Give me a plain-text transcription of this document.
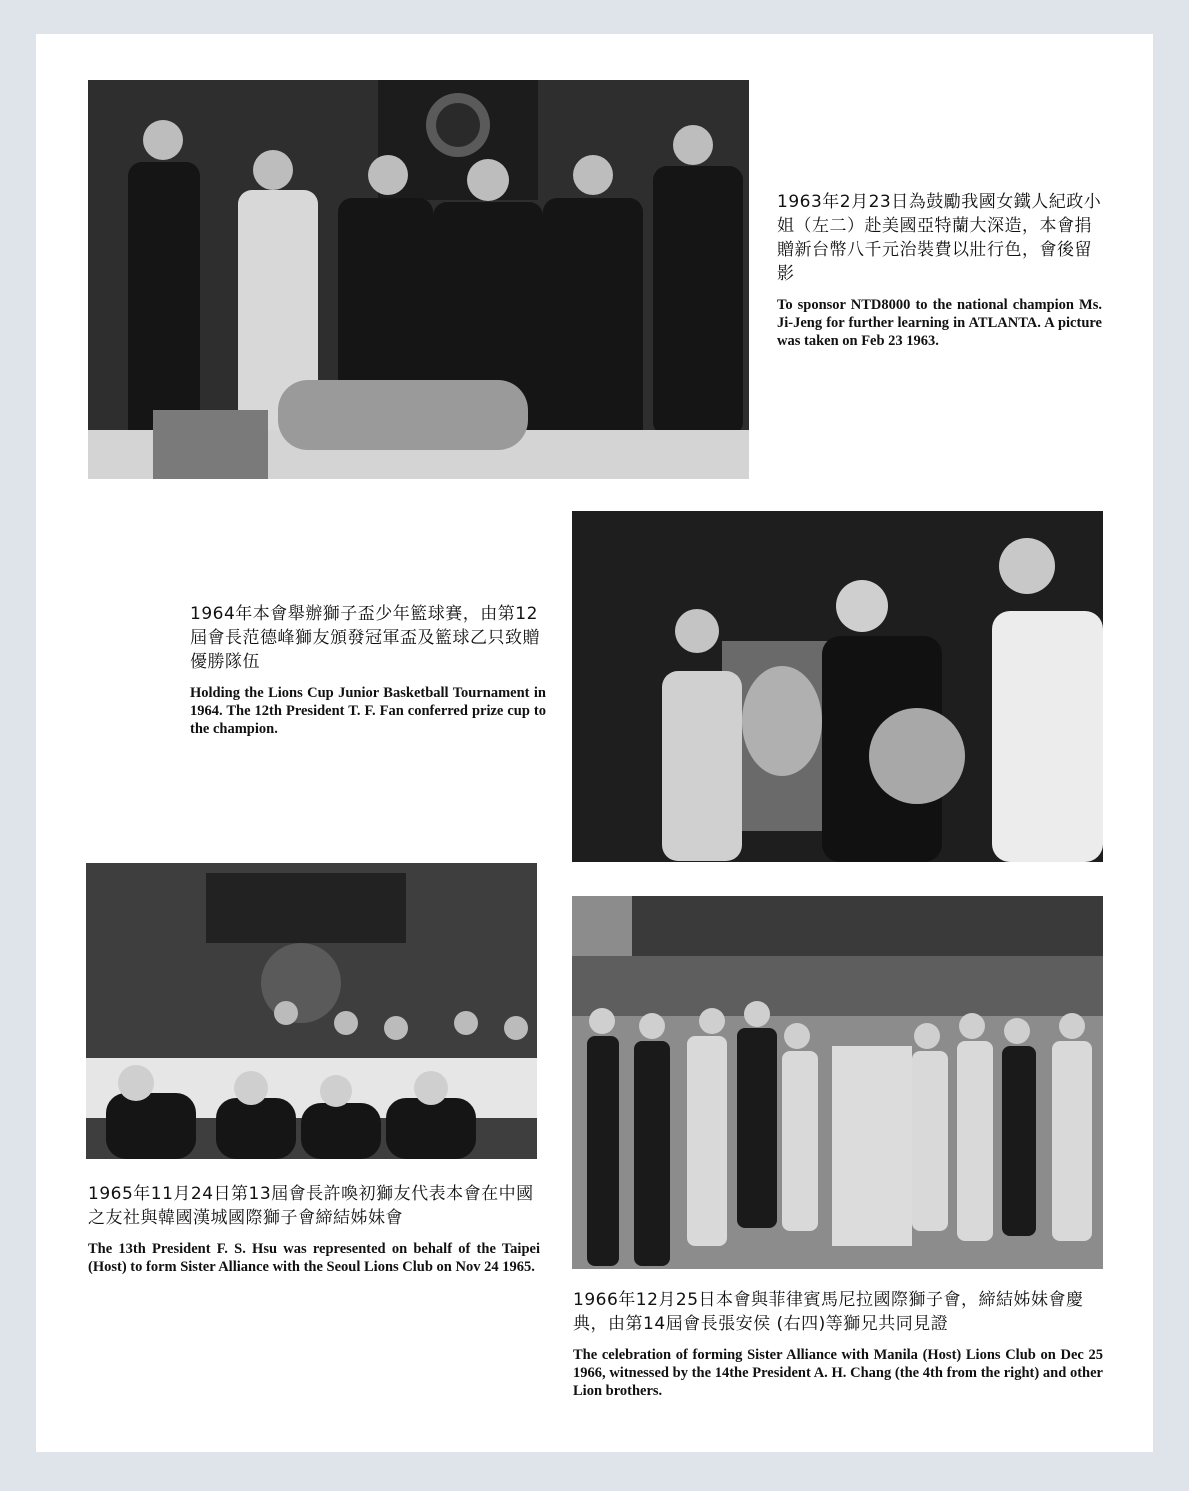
1963年2月23日為鼓勵我國女鐵人紀政小姐（左二）赴美國亞特蘭大深造，本會捐贈新台幣八千元治裝費以壯行色，會後留影

To sponsor NTD8000 to the national champion Ms. Ji-Jeng for further learning in ATLANTA. A picture was taken on Feb 23 1963.

1964年本會舉辦獅子盃少年籃球賽，由第12屆會長范德峰獅友頒發冠軍盃及籃球乙只致贈優勝隊伍

Holding the Lions Cup Junior Basketball Tournament in 1964. The 12th President T. F. Fan conferred prize cup to the champion.

1965年11月24日第13屆會長許喚初獅友代表本會在中國之友社與韓國漢城國際獅子會締結姊妹會

The 13th President F. S. Hsu was represented on behalf of the Taipei (Host) to form Sister Alliance with the Seoul Lions Club on Nov 24 1965.

1966年12月25日本會與菲律賓馬尼拉國際獅子會，締結姊妹會慶典，由第14屆會長張安侯 (右四)等獅兄共同見證

The celebration of forming Sister Alliance with Manila (Host) Lions Club on Dec 25 1966, witnessed by the 14the President A. H. Chang (the 4th from the right) and other Lion brothers.
